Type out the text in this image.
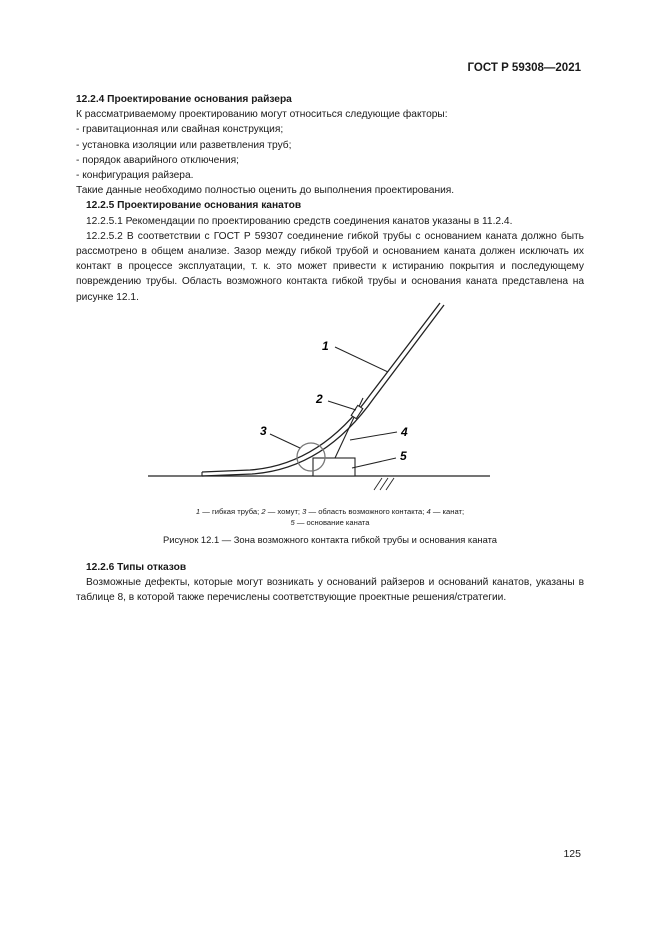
ГОСТ Р 59308—2021

12.2.4 Проектирование основания райзера

К рассматриваемому проектированию могут относиться следующие факторы:

- гравитационная или свайная конструкция;

- установка изоляции или разветвления труб;

- порядок аварийного отключения;

- конфигурация райзера.

Такие данные необходимо полностью оценить до выполнения проектирования.

12.2.5 Проектирование основания канатов

12.2.5.1 Рекомендации по проектированию средств соединения канатов указаны в 11.2.4.

12.2.5.2 В соответствии с ГОСТ Р 59307 соединение гибкой трубы с основанием каната должно быть рассмотрено в общем анализе. Зазор между гибкой трубой и основанием каната должен исключать их контакт в процессе эксплуатации, т. к. это может привести к истиранию покрытия и последующему повреждению трубы. Область возможного контакта гибкой трубы и основания каната представлена на рисунке 12.1.

1
2
3	4
5
1 — гибкая труба; 2 — хомут; 3 — область возможного контакта; 4 — канат;
5 — основание каната
Рисунок 12.1 — Зона возможного контакта гибкой трубы и основания каната

12.2.6 Типы отказов

Возможные дефекты, которые могут возникать у оснований райзеров и оснований канатов, указаны в таблице 8, в которой также перечислены соответствующие проектные решения/стратегии.

125
